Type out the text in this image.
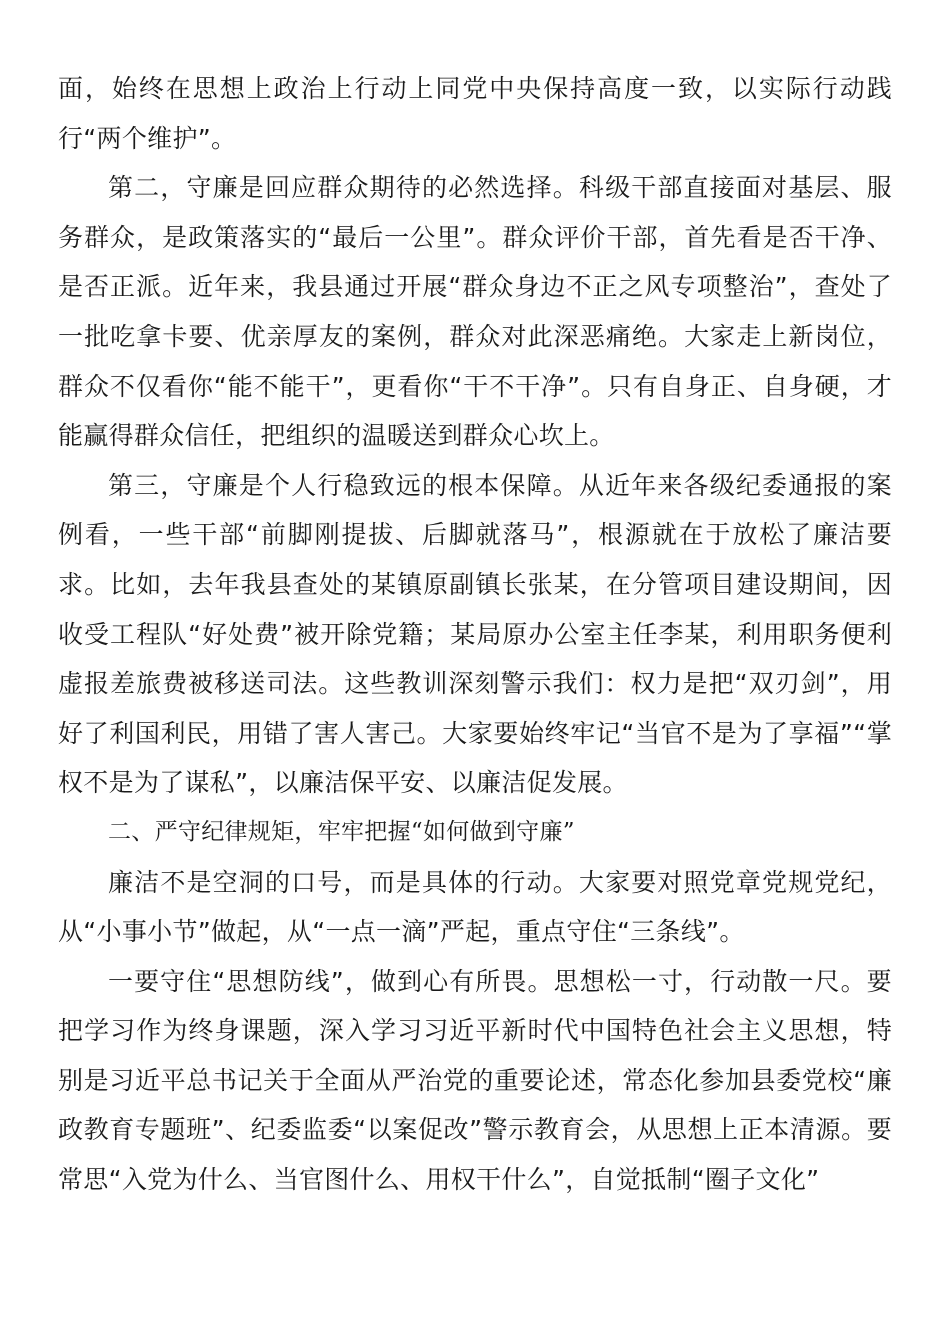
面，始终在思想上政治上行动上同党中央保持高度一致，以实际行动践行“两个维护”。

第二，守廉是回应群众期待的必然选择。科级干部直接面对基层、服务群众，是政策落实的“最后一公里”。群众评价干部，首先看是否干净、是否正派。近年来，我县通过开展“群众身边不正之风专项整治”，查处了一批吃拿卡要、优亲厚友的案例，群众对此深恶痛绝。大家走上新岗位，群众不仅看你“能不能干”，更看你“干不干净”。只有自身正、自身硬，才能赢得群众信任，把组织的温暖送到群众心坎上。

第三，守廉是个人行稳致远的根本保障。从近年来各级纪委通报的案例看，一些干部“前脚刚提拔、后脚就落马”，根源就在于放松了廉洁要求。比如，去年我县查处的某镇原副镇长张某，在分管项目建设期间，因收受工程队“好处费”被开除党籍；某局原办公室主任李某，利用职务便利虚报差旅费被移送司法。这些教训深刻警示我们：权力是把“双刃剑”，用好了利国利民，用错了害人害己。大家要始终牢记“当官不是为了享福”“掌权不是为了谋私”，以廉洁保平安、以廉洁促发展。

二、严守纪律规矩，牢牢把握“如何做到守廉”

廉洁不是空洞的口号，而是具体的行动。大家要对照党章党规党纪，从“小事小节”做起，从“一点一滴”严起，重点守住“三条线”。

一要守住“思想防线”，做到心有所畏。思想松一寸，行动散一尺。要把学习作为终身课题，深入学习习近平新时代中国特色社会主义思想，特别是习近平总书记关于全面从严治党的重要论述，常态化参加县委党校“廉政教育专题班”、纪委监委“以案促改”警示教育会，从思想上正本清源。要常思“入党为什么、当官图什么、用权干什么”，自觉抵制“圈子文化”
